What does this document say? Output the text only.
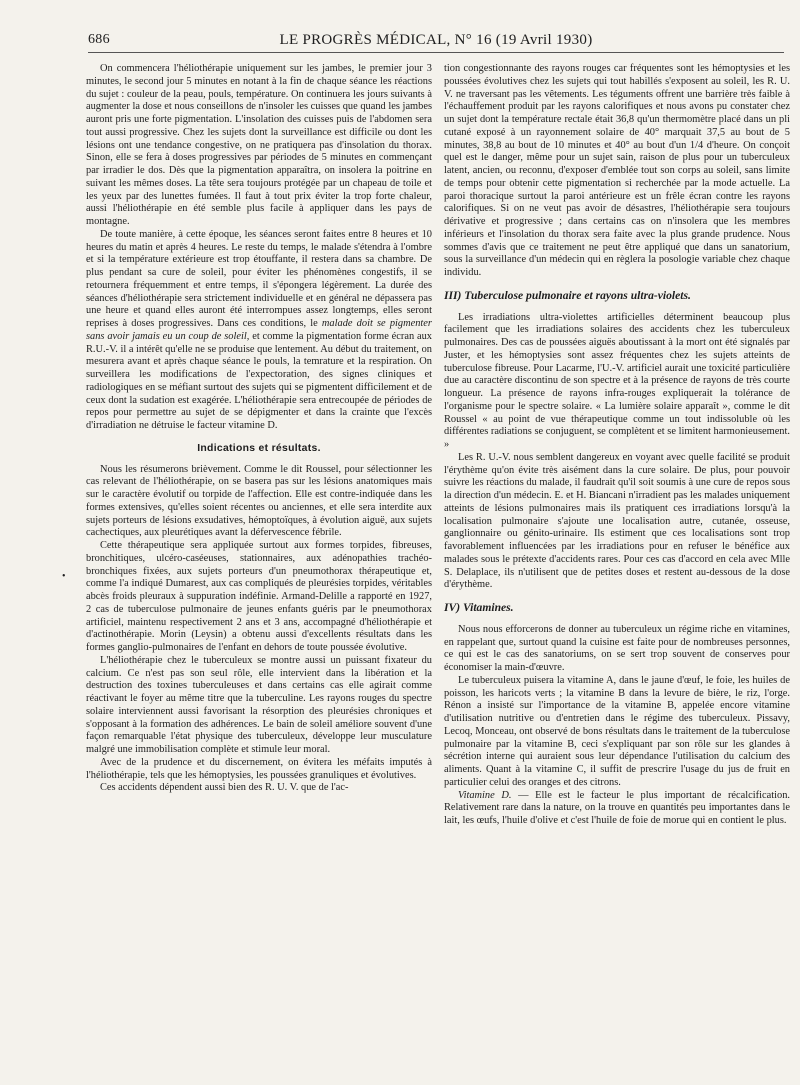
686	LE PROGRÈS MÉDICAL, N° 16 (19 Avril 1930)
•

On commencera l'héliothérapie uniquement sur les jambes, le premier jour 3 minutes, le second jour 5 minutes en notant à la fin de chaque séance les réactions du sujet : couleur de la peau, pouls, température. On continuera les jours suivants à augmenter la dose et nous conseillons de n'insoler les cuisses que quand les jambes auront pris une forte pigmentation. L'insolation des cuisses puis de l'abdomen sera tout aussi progressive. Chez les sujets dont la surveillance est difficile ou dont les lésions ont une tendance congestive, on ne pratiquera pas d'insolation du thorax. Sinon, elle se fera à doses progressives par périodes de 5 minutes en commençant par irradier le dos. Dès que la pigmentation apparaîtra, on insolera la poitrine en suivant les mêmes doses. La tête sera toujours protégée par un chapeau de toile et les yeux par des lunettes fumées. Il faut à tout prix éviter la trop forte chaleur, aussi l'héliothérapie en été semble plus facile à appliquer dans les pays de montagne.

De toute manière, à cette époque, les séances seront faites entre 8 heures et 10 heures du matin et après 4 heures. Le reste du temps, le malade s'étendra à l'ombre et si la température extérieure est trop étouffante, il restera dans sa chambre. De plus pendant sa cure de soleil, pour éviter les phénomènes congestifs, il se retournera fréquemment et entre temps, il s'épongera légèrement. La durée des séances d'héliothérapie sera strictement individuelle et en général ne dépassera pas une heure et quand elles auront été interrompues assez longtemps, elles seront reprises à doses progressives. Dans ces conditions, le malade doit se pigmenter sans avoir jamais eu un coup de soleil, et comme la pigmentation forme écran aux R.U.-V. il a intérêt qu'elle ne se produise que lentement. Au début du traitement, on mesurera avant et après chaque séance le pouls, la temrature et la respiration. On surveillera les modifications de l'expectoration, des signes cliniques et radiologiques en se méfiant surtout des sujets qui se pigmentent difficilement et de ceux dont la sudation est exagérée. L'héliothérapie sera entrecoupée de périodes de repos pour permettre au sujet de se dépigmenter et dans la crainte que l'excès d'irradiation ne détruise le facteur vitamine D.

Indications et résultats.

Nous les résumerons brièvement. Comme le dit Roussel, pour sélectionner les cas relevant de l'héliothérapie, on se basera pas sur les lésions anatomiques mais sur le caractère évolutif ou torpide de l'affection. Elle est contre-indiquée dans les formes extensives, qu'elles soient récentes ou anciennes, et elle sera interdite aux sujets porteurs de lésions exsudatives, hémoptoïques, à évolution aiguë, aux sujets cachectiques, aux pleurétiques avant la défervescence fébrile.

Cette thérapeutique sera appliquée surtout aux formes torpides, fibreuses, bronchitiques, ulcéro-caséeuses, stationnaires, aux adénopathies trachéo-bronchiques fixées, aux sujets porteurs d'un pneumothorax thérapeutique et, comme l'a indiqué Dumarest, aux cas compliqués de pleurésies torpides, véritables abcès froids pleuraux à suppuration indéfinie. Armand-Delille a rapporté en 1927, 2 cas de tuberculose pulmonaire de jeunes enfants guéris par le pneumothorax artificiel, maintenu respectivement 2 ans et 3 ans, accompagné d'héliothérapie et d'actinothérapie. Morin (Leysin) a obtenu aussi d'excellents résultats dans les formes ganglio-pulmonaires de l'enfant en dehors de toute poussée évolutive.

L'héliothérapie chez le tuberculeux se montre aussi un puissant fixateur du calcium. Ce n'est pas son seul rôle, elle intervient dans la libération et la destruction des toxines tuberculeuses et dans certains cas elle agirait comme réactivant le foyer au même titre que la tuberculine. Les rayons rouges du spectre solaire interviennent aussi favorisant la résorption des pleurésies chroniques et s'opposant à la formation des adhérences. Le bain de soleil améliore souvent d'une façon remarquable l'état physique des tuberculeux, développe leur musculature malgré une immobilisation complète et stimule leur moral.

Avec de la prudence et du discernement, on évitera les méfaits imputés à l'héliothérapie, tels que les hémoptysies, les poussées granuliques et évolutives.

Ces accidents dépendent aussi bien des R. U. V. que de l'ac-

tion congestionnante des rayons rouges car fréquentes sont les hémoptysies et les poussées évolutives chez les sujets qui tout habillés s'exposent au soleil, les R. U. V. ne traversant pas les vêtements. Les téguments offrent une barrière très faible à l'échauffement produit par les rayons calorifiques et nous avons pu constater chez un sujet dont la température rectale était 36,8 qu'un thermomètre placé dans un pli cutané exposé à un rayonnement solaire de 40° marquait 37,5 au bout de 5 minutes, 38,8 au bout de 10 minutes et 40° au bout d'un 1/4 d'heure. On conçoit quel est le danger, même pour un sujet sain, raison de plus pour un tuberculeux latent, ancien, ou reconnu, d'exposer d'emblée tout son corps au soleil, sans limite de temps pour obtenir cette pigmentation si recherchée par la mode actuelle. La paroi thoracique surtout la paroi antérieure est un frêle écran contre les rayons calorifiques. Si on ne veut pas avoir de désastres, l'héliothérapie sera toujours dérivative et progressive ; dans certains cas on n'insolera que les membres inférieurs et l'insolation du thorax sera faite avec la plus grande prudence. Nous sommes d'avis que ce traitement ne peut être appliqué que dans un sanatorium, sous la surveillance d'un médecin qui en règlera la posologie variable chez chaque individu.

III) Tuberculose pulmonaire et rayons ultra-violets.

Les irradiations ultra-violettes artificielles déterminent beaucoup plus facilement que les irradiations solaires des accidents chez les tuberculeux pulmonaires. Des cas de poussées aiguës aboutissant à la mort ont été signalés par Juster, et les hémoptysies sont assez fréquentes chez les sujets atteints de tuberculose fibreuse. Pour Lacarme, l'U.-V. artificiel aurait une toxicité particulière due au caractère discontinu de son spectre et à la présence de rayons de très courte longueur. La présence de rayons infra-rouges expliquerait la tolérance de l'organisme pour le spectre solaire. « La lumière solaire apparaît », comme le dit Roussel « au point de vue thérapeutique comme un tout indissoluble où les différentes radiations se conjuguent, se complètent et se limitent harmonieusement. »

Les R. U.-V. nous semblent dangereux en voyant avec quelle facilité se produit l'érythème qu'on évite très aisément dans la cure solaire. De plus, pour pouvoir suivre les réactions du malade, il faudrait qu'il soit soumis à une cure de repos sous la direction d'un médecin. E. et H. Biancani n'irradient pas les malades uniquement atteints de lésions pulmonaires mais ils pratiquent ces irradiations lorsqu'à la localisation pulmonaire s'ajoute une localisation autre, cutanée, osseuse, ganglionnaire ou génito-urinaire. Ils estiment que ces localisations sont trop favorablement influencées par les irradiations pour en refuser le bénéfice aux malades sous le prétexte d'accidents rares. Pour ces cas d'accord en cela avec Mlle S. Delaplace, ils n'utilisent que de petites doses et restent au-dessous de la dose d'érythème.

IV) Vitamines.

Nous nous efforcerons de donner au tuberculeux un régime riche en vitamines, en rappelant que, surtout quand la cuisine est faite pour de nombreuses personnes, ce qui est le cas des sanatoriums, on se sert trop souvent de conserves pour économiser la main-d'œuvre.

Le tuberculeux puisera la vitamine A, dans le jaune d'œuf, le foie, les huiles de poisson, les haricots verts ; la vitamine B dans la levure de bière, le riz, l'orge. Rénon a insisté sur l'importance de la vitamine B, appelée encore vitamine d'utilisation nutritive ou d'entretien dans le régime des tuberculeux. Pissavy, Lecoq, Monceau, ont observé de bons résultats dans le traitement de la tuberculose pulmonaire par la vitamine B, ceci s'expliquant par son rôle sur les glandes à sécrétion interne qui auraient sous leur dépendance l'utilisation du calcium des aliments. Quant à la vitamine C, il suffit de prescrire l'usage du jus de fruit en particulier celui des oranges et des citrons.

Vitamine D. — Elle est le facteur le plus important de récalcification. Relativement rare dans la nature, on la trouve en quantités peu importantes dans le lait, les œufs, l'huile d'olive et c'est l'huile de foie de morue qui en contient le plus.
